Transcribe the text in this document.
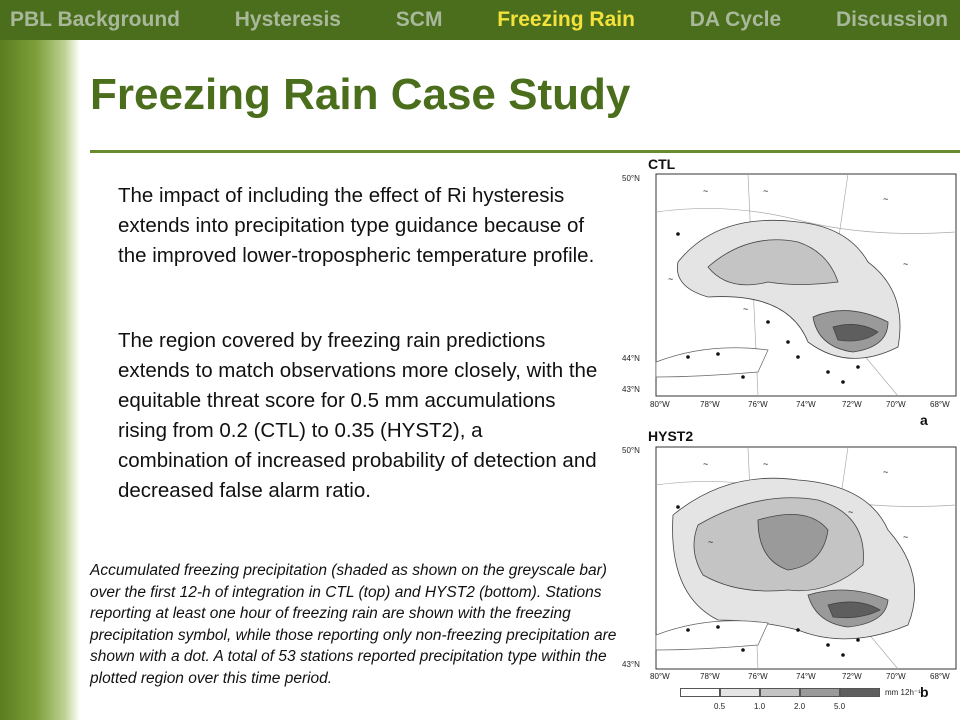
PBL Background	Hysteresis	SCM	Freezing Rain	DA Cycle	Discussion
Freezing Rain Case Study

The impact of including the effect of Ri hysteresis extends into precipitation type guidance because of the improved lower-tropospheric temperature profile.

The region covered by freezing rain predictions extends to match observations more closely, with the equitable threat score for 0.5 mm accumulations rising from 0.2 (CTL) to 0.35 (HYST2), a combination of increased probability of detection and decreased false alarm ratio.

Accumulated freezing precipitation (shaded as shown on the greyscale bar) over the first 12-h of integration in CTL (top) and HYST2 (bottom). Stations reporting at least one hour of freezing rain are shown with the freezing precipitation symbol, while those reporting only non-freezing precipitation are shown with a dot. A total of 53 stations reported precipitation type within the plotted region over this time period.

CTL
~	~
~
~
~
~
a
HYST2
~	~
~
~
~
~
50°N
44°N
43°N
80°W	78°W	76°W	74°W	72°W	70°W	68°W
50°N
43°N
80°W	78°W	76°W	74°W	72°W	70°W	68°W
0.5	1.0	2.0	5.0
mm 12h⁻¹ b
